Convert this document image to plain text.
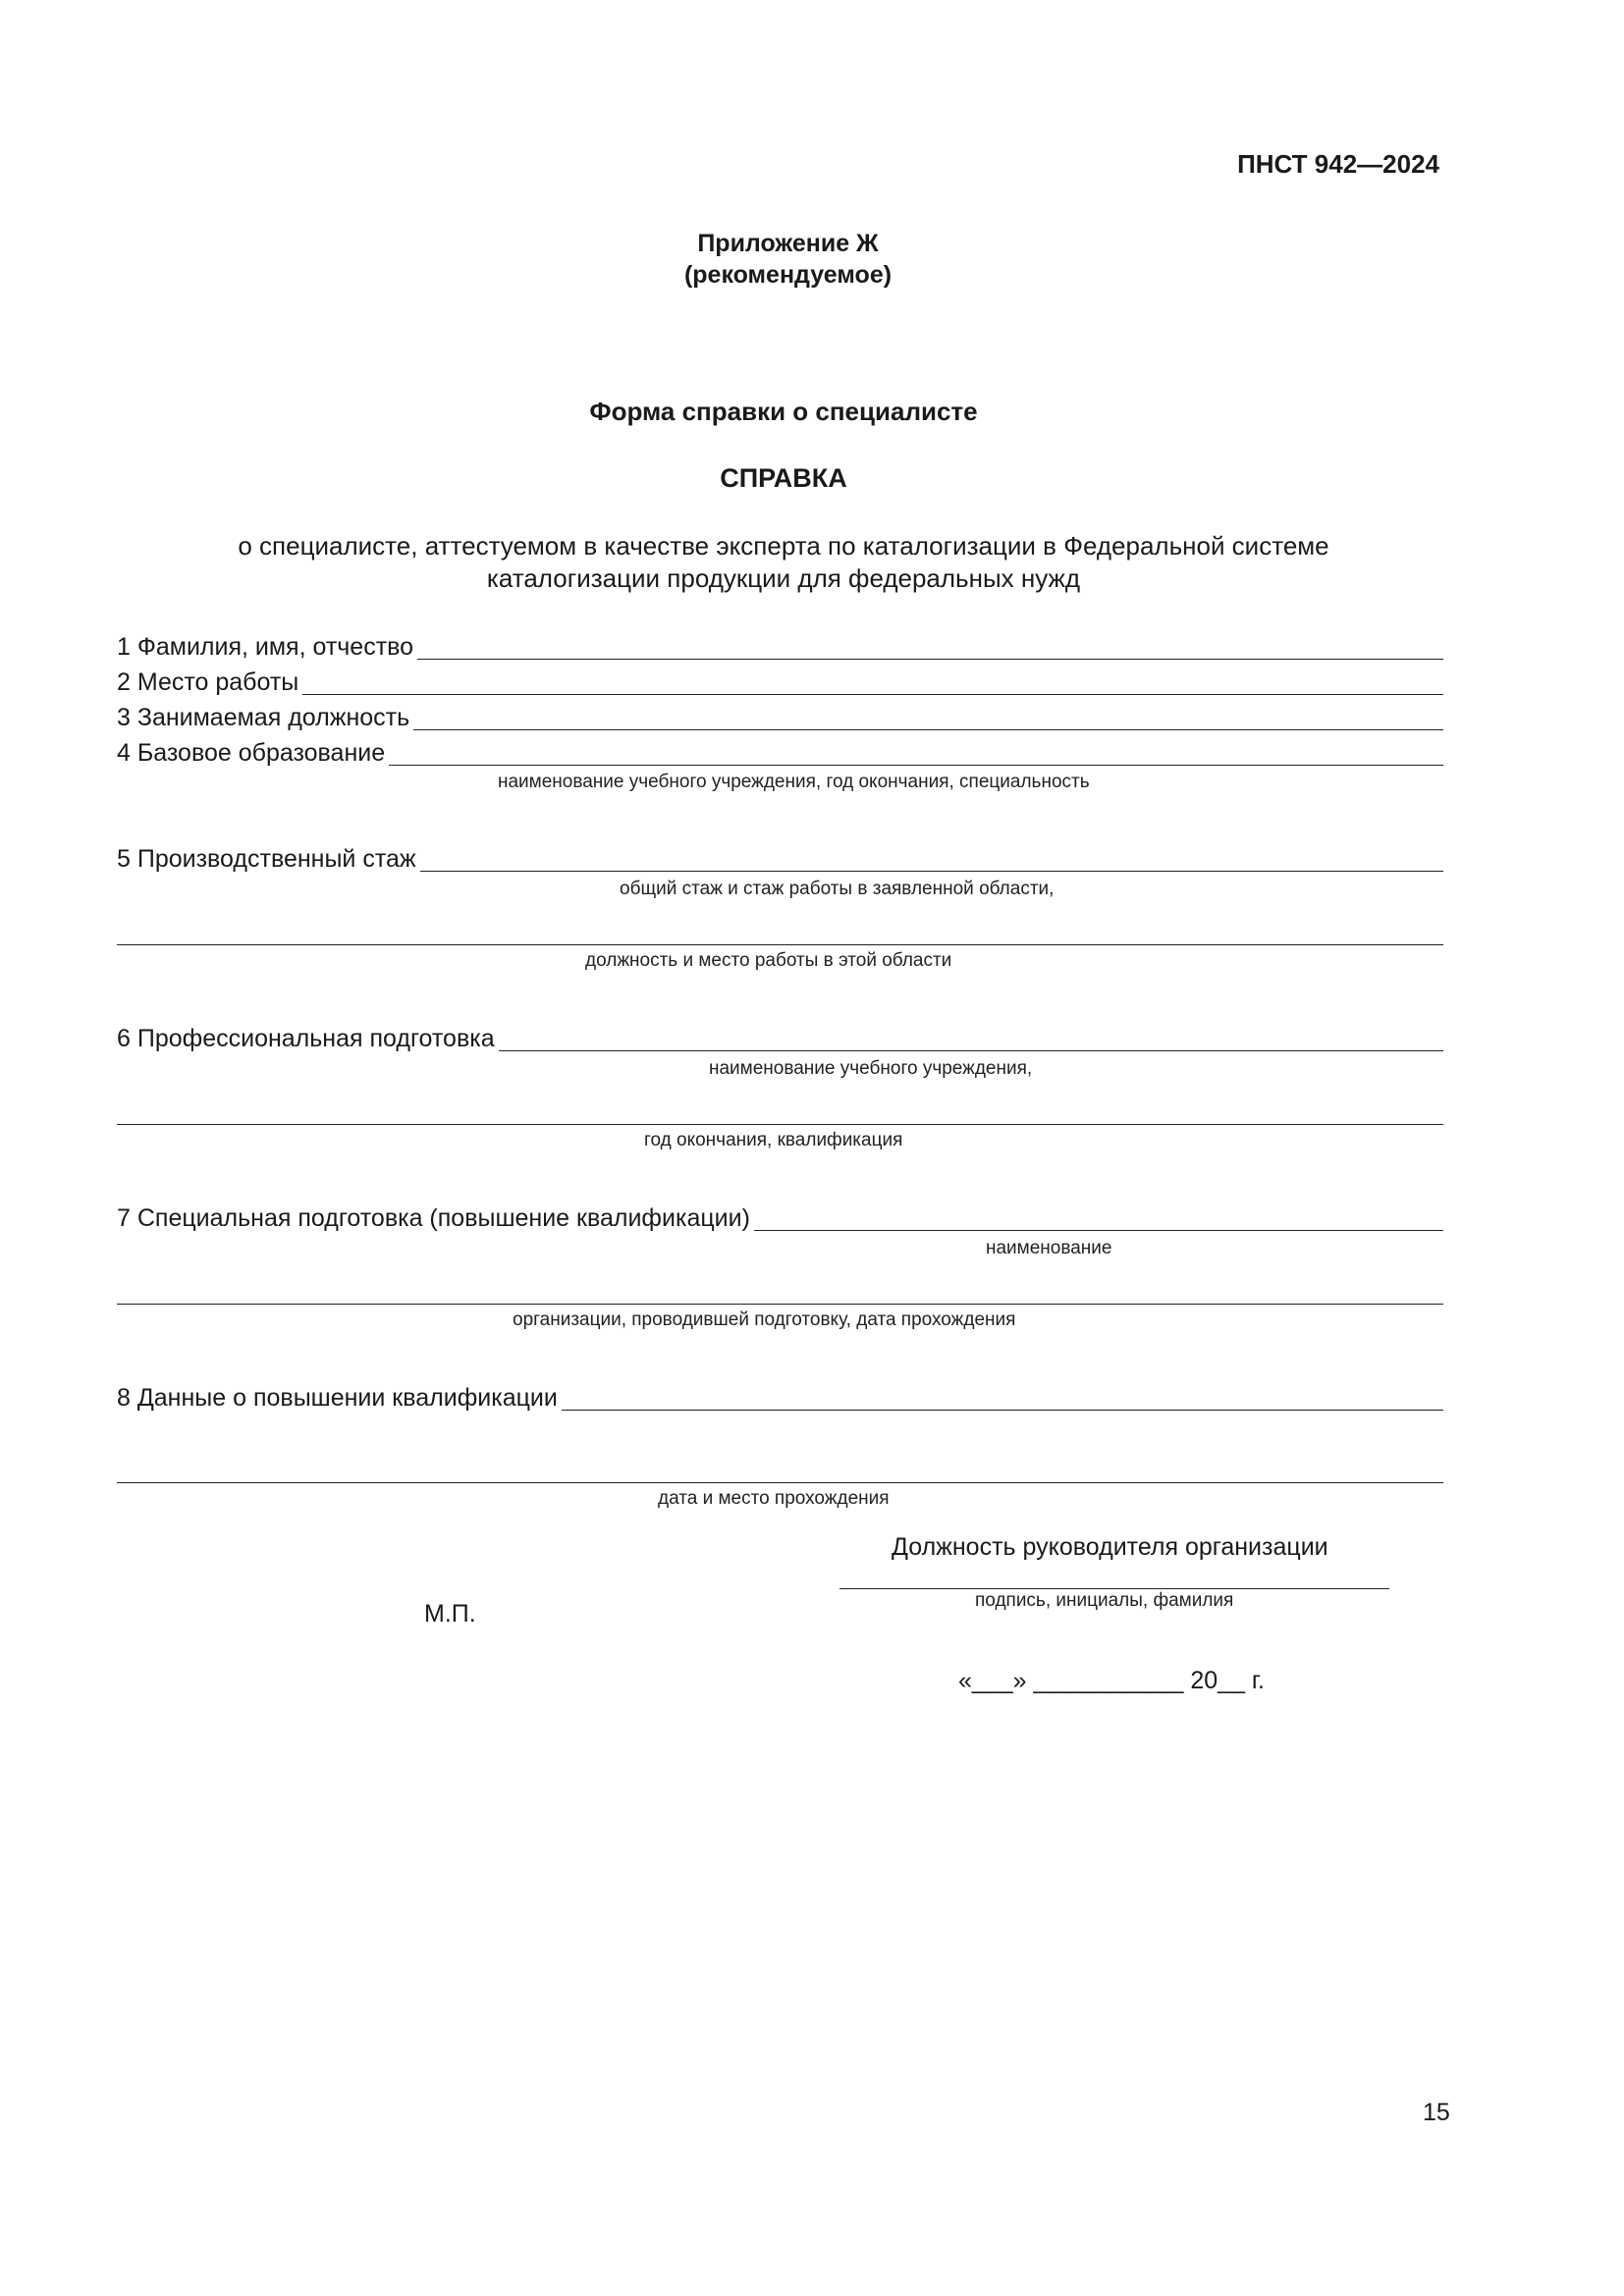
ПНСТ 942—2024
Приложение Ж
(рекомендуемое)
Форма справки о специалисте
СПРАВКА
о специалисте, аттестуемом в качестве эксперта по каталогизации в Федеральной системе
каталогизации продукции для федеральных нужд
1 Фамилия, имя, отчество
2 Место работы
3 Занимаемая должность
4 Базовое образование
наименование учебного учреждения, год окончания, специальность
5 Производственный стаж
общий стаж и стаж работы в заявленной области,
должность и место работы в этой области
6 Профессиональная подготовка
наименование учебного учреждения,
год окончания, квалификация
7 Специальная подготовка (повышение квалификации)
наименование
организации, проводившей подготовку, дата прохождения
8 Данные о повышении квалификации
дата и место прохождения
Должность руководителя организации
подпись, инициалы, фамилия
М.П.
«___» ___________ 20__ г.
15
